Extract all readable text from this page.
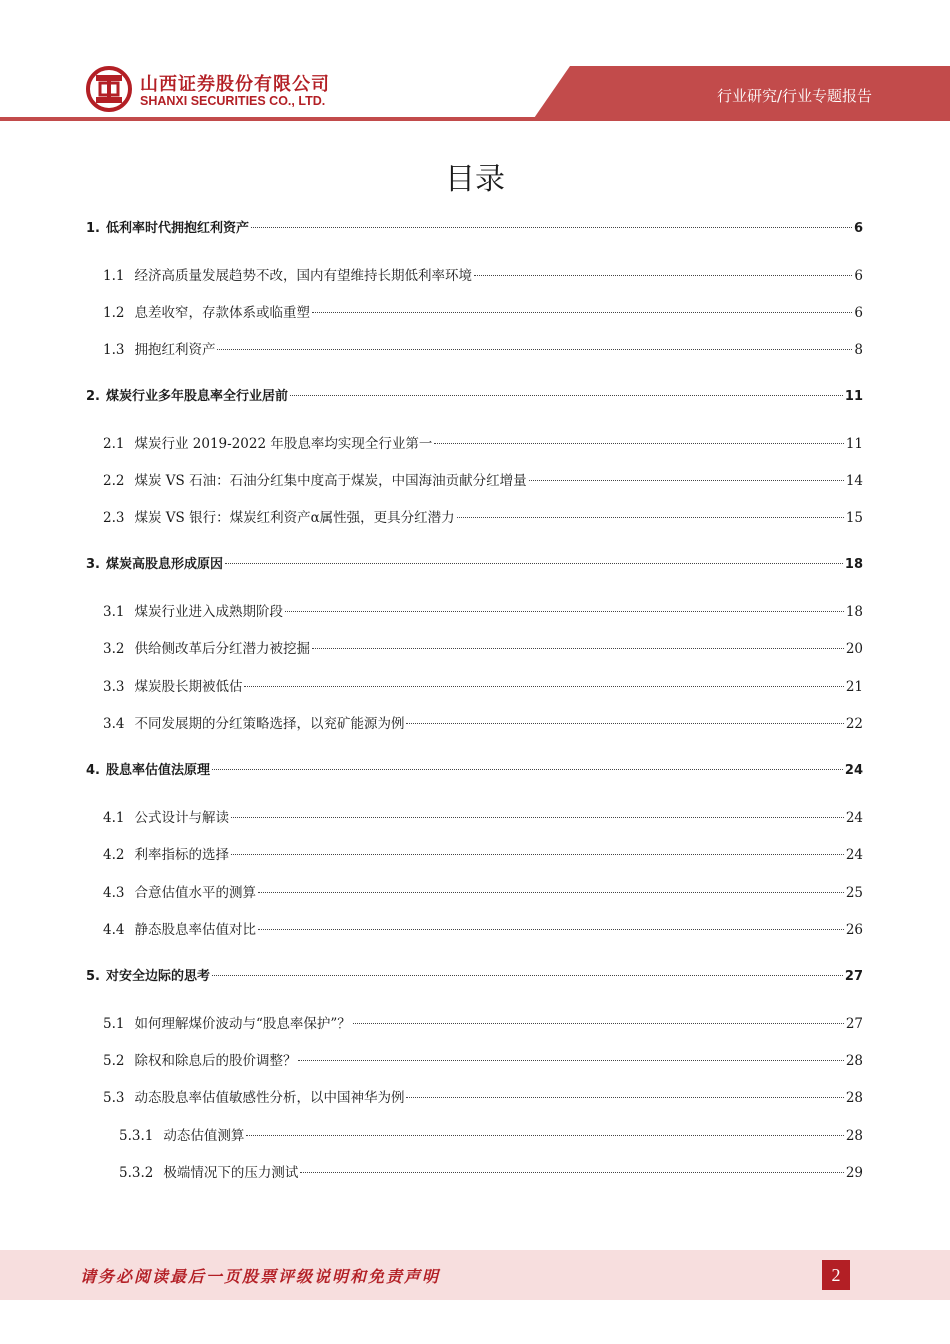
山西证券股份有限公司
SHANXI SECURITIES CO., LTD.	行业研究/行业专题报告
目录
1. 低利率时代拥抱红利资产	6
1.1 经济高质量发展趋势不改，国内有望维持长期低利率环境	6
1.2 息差收窄，存款体系或临重塑	6
1.3 拥抱红利资产	8
2. 煤炭行业多年股息率全行业居前	11
2.1 煤炭行业 2019-2022 年股息率均实现全行业第一	11
2.2 煤炭 VS 石油：石油分红集中度高于煤炭，中国海油贡献分红增量	14
2.3 煤炭 VS 银行：煤炭红利资产α属性强，更具分红潜力	15
3. 煤炭高股息形成原因	18
3.1 煤炭行业进入成熟期阶段	18
3.2 供给侧改革后分红潜力被挖掘	20
3.3 煤炭股长期被低估	21
3.4 不同发展期的分红策略选择，以兖矿能源为例	22
4. 股息率估值法原理	24
4.1 公式设计与解读	24
4.2 利率指标的选择	24
4.3 合意估值水平的测算	25
4.4 静态股息率估值对比	26
5. 对安全边际的思考	27
5.1 如何理解煤价波动与“股息率保护”？	27
5.2 除权和除息后的股价调整？	28
5.3 动态股息率估值敏感性分析，以中国神华为例	28
5.3.1 动态估值测算	28
5.3.2 极端情况下的压力测试	29
请务必阅读最后一页股票评级说明和免责声明	2
